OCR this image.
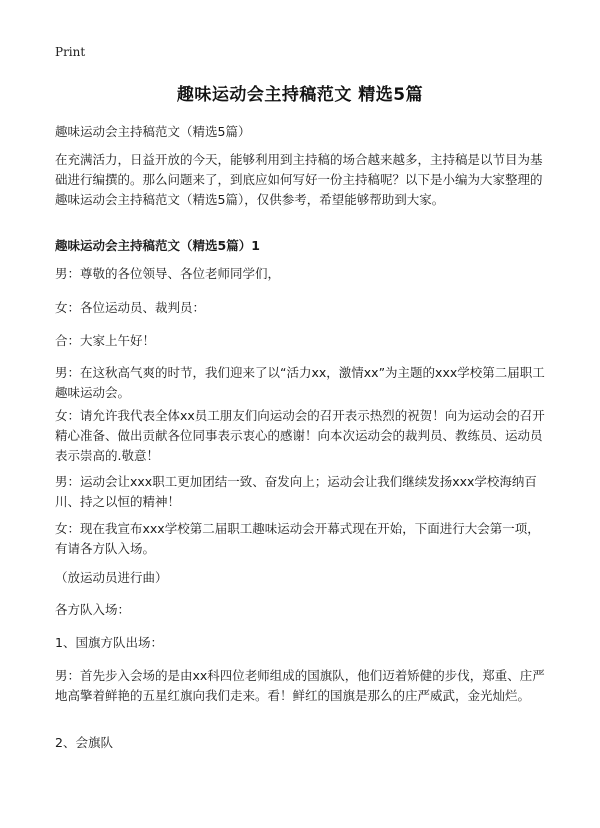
Print
趣味运动会主持稿范文 精选5篇
趣味运动会主持稿范文（精选5篇）

在充满活力，日益开放的今天，能够利用到主持稿的场合越来越多，主持稿是以节目为基础进行编撰的。那么问题来了，到底应如何写好一份主持稿呢？以下是小编为大家整理的趣味运动会主持稿范文（精选5篇），仅供参考，希望能够帮助到大家。

趣味运动会主持稿范文（精选5篇）1

男：尊敬的各位领导、各位老师同学们，

女：各位运动员、裁判员：

合：大家上午好！

男：在这秋高气爽的时节，我们迎来了以“活力xx，激情xx”为主题的xxx学校第二届职工趣味运动会。

女：请允许我代表全体xx员工朋友们向运动会的召开表示热烈的祝贺！向为运动会的召开精心准备、做出贡献各位同事表示衷心的感谢！向本次运动会的裁判员、教练员、运动员表示崇高的.敬意！

男：运动会让xxx职工更加团结一致、奋发向上；运动会让我们继续发扬xxx学校海纳百川、持之以恒的精神！

女：现在我宣布xxx学校第二届职工趣味运动会开幕式现在开始，下面进行大会第一项，有请各方队入场。

（放运动员进行曲）

各方队入场：

1、国旗方队出场：

男：首先步入会场的是由xx科四位老师组成的国旗队，他们迈着矫健的步伐，郑重、庄严地高擎着鲜艳的五星红旗向我们走来。看！鲜红的国旗是那么的庄严威武，金光灿烂。

2、会旗队
